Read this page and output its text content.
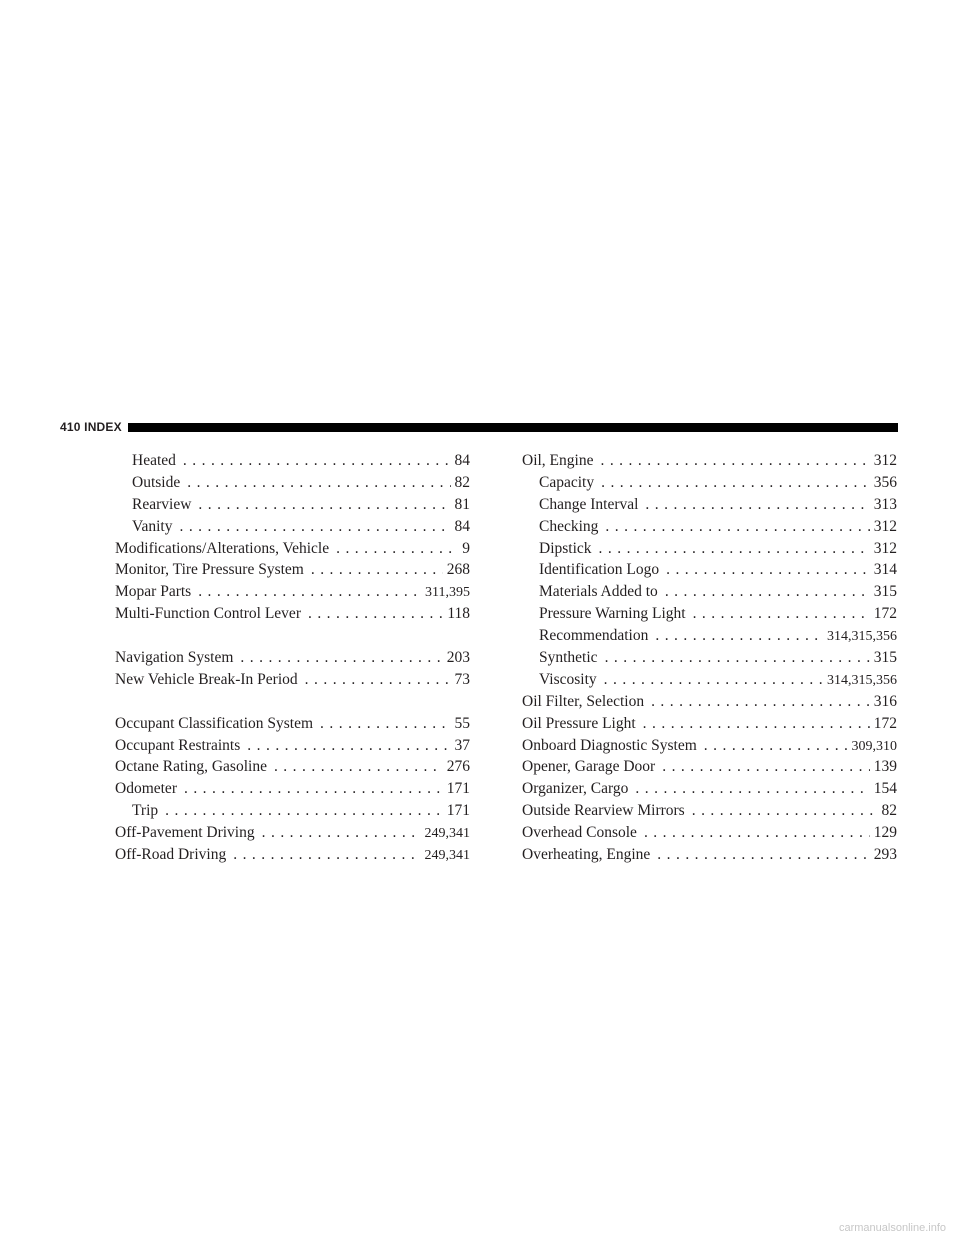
410 INDEX
Heated . . .	84
Outside . . .	82
Rearview . . .	81
Vanity . . .	84
Modifications/Alterations, Vehicle . . .	9
Monitor, Tire Pressure System . . .	268
Mopar Parts . . .	311,395
Multi-Function Control Lever . . .	118
Navigation System . . .	203
New Vehicle Break-In Period . . .	73
Occupant Classification System . . .	55
Occupant Restraints . . .	37
Octane Rating, Gasoline . . .	276
Odometer . . .	171
Trip . . .	171
Off-Pavement Driving . . .	249,341
Off-Road Driving . . .	249,341
Oil, Engine . . .	312
Capacity . . .	356
Change Interval . . .	313
Checking . . .	312
Dipstick . . .	312
Identification Logo . . .	314
Materials Added to . . .	315
Pressure Warning Light . . .	172
Recommendation . . .	314,315,356
Synthetic . . .	315
Viscosity . . .	314,315,356
Oil Filter, Selection . . .	316
Oil Pressure Light . . .	172
Onboard Diagnostic System . . .	309,310
Opener, Garage Door . . .	139
Organizer, Cargo . . .	154
Outside Rearview Mirrors . . .	82
Overhead Console . . .	129
Overheating, Engine . . .	293
carmanualsonline.info
